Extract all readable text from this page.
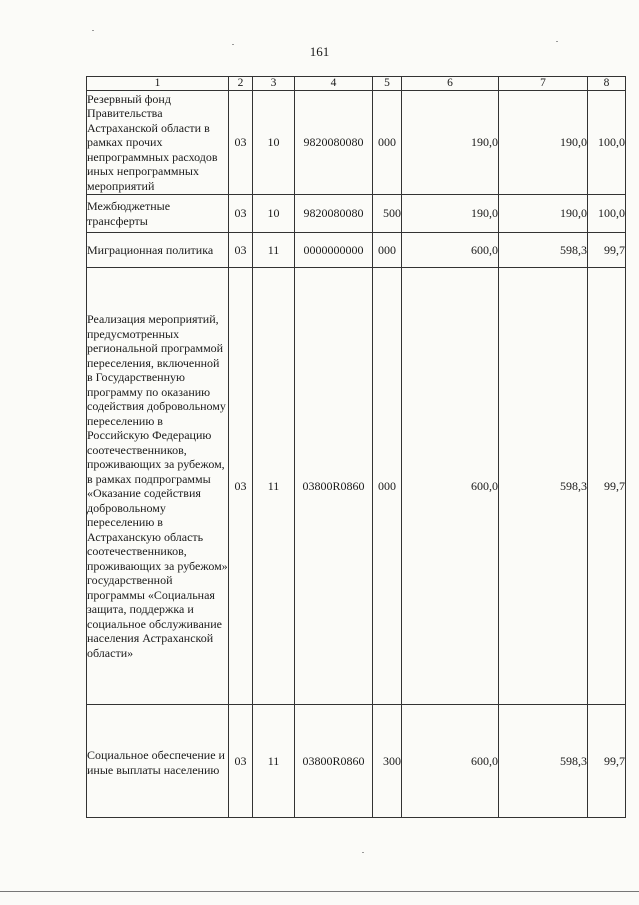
161
1	2	3	4	5	6	7	8
Резервный фонд Правительства Астраханской области в рамках прочих непрограммных расходов иных непрограммных мероприятий	03	10	9820080080	000	190,0	190,0	100,0
Межбюджетные трансферты	03	10	9820080080	500	190,0	190,0	100,0
Миграционная политика	03	11	0000000000	000	600,0	598,3	99,7
Реализация мероприятий, предусмотренных региональной программой переселения, включенной в Государственную программу по оказанию содействия добровольному переселению в Российскую Федерацию соотечественников, проживающих за рубежом, в рамках подпрограммы «Оказание содействия добровольному переселению в Астраханскую область соотечественников, проживающих за рубежом» государственной программы «Социальная защита, поддержка и социальное обслуживание населения Астраханской области»	03	11	03800R0860	000	600,0	598,3	99,7
Социальное обеспечение и иные выплаты населению	03	11	03800R0860	300	600,0	598,3	99,7
